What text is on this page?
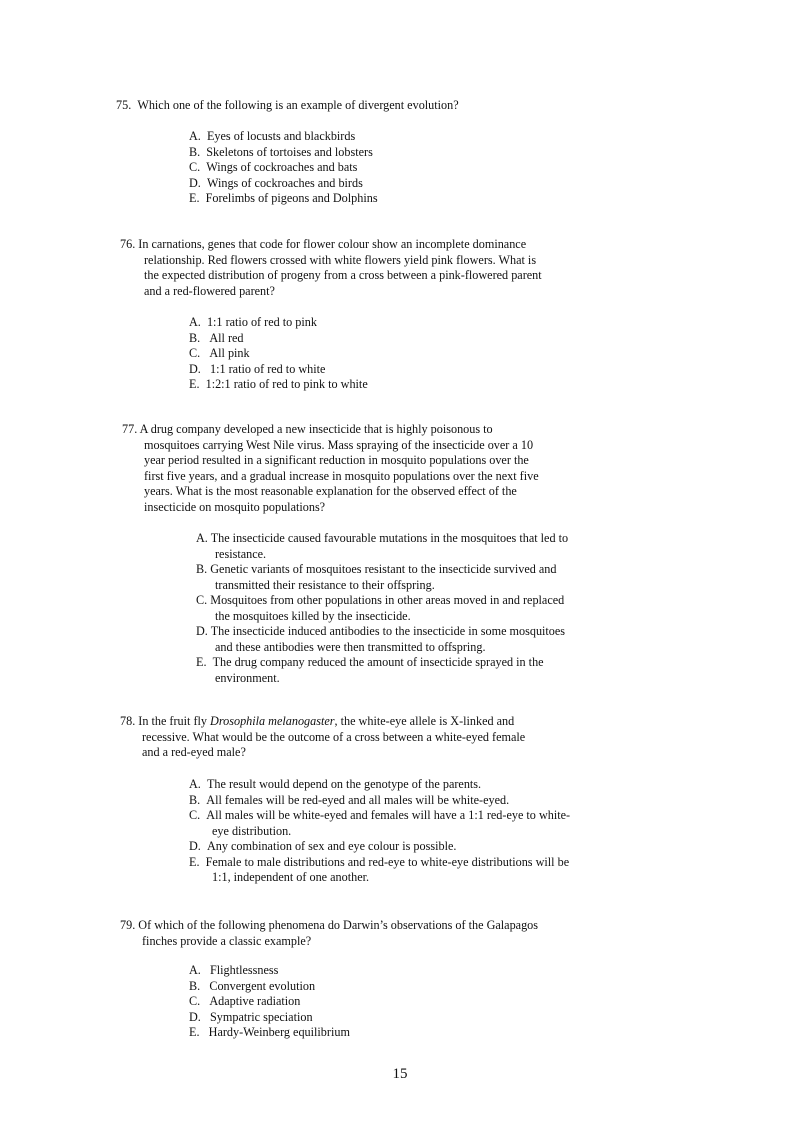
75. Which one of the following is an example of divergent evolution?
A. Eyes of locusts and blackbirds
B. Skeletons of tortoises and lobsters
C. Wings of cockroaches and bats
D. Wings of cockroaches and birds
E. Forelimbs of pigeons and Dolphins
76. In carnations, genes that code for flower colour show an incomplete dominance
relationship. Red flowers crossed with white flowers yield pink flowers. What is
the expected distribution of progeny from a cross between a pink-flowered parent
and a red-flowered parent?
A. 1:1 ratio of red to pink
B. All red
C. All pink
D. 1:1 ratio of red to white
E. 1:2:1 ratio of red to pink to white
77. A drug company developed a new insecticide that is highly poisonous to
mosquitoes carrying West Nile virus. Mass spraying of the insecticide over a 10
year period resulted in a significant reduction in mosquito populations over the
first five years, and a gradual increase in mosquito populations over the next five
years. What is the most reasonable explanation for the observed effect of the
insecticide on mosquito populations?
A. The insecticide caused favourable mutations in the mosquitoes that led to
resistance.
B. Genetic variants of mosquitoes resistant to the insecticide survived and
transmitted their resistance to their offspring.
C. Mosquitoes from other populations in other areas moved in and replaced
the mosquitoes killed by the insecticide.
D. The insecticide induced antibodies to the insecticide in some mosquitoes
and these antibodies were then transmitted to offspring.
E. The drug company reduced the amount of insecticide sprayed in the
environment.
78. In the fruit fly Drosophila melanogaster, the white-eye allele is X-linked and
recessive. What would be the outcome of a cross between a white-eyed female
and a red-eyed male?
A. The result would depend on the genotype of the parents.
B. All females will be red-eyed and all males will be white-eyed.
C. All males will be white-eyed and females will have a 1:1 red-eye to white-
eye distribution.
D. Any combination of sex and eye colour is possible.
E. Female to male distributions and red-eye to white-eye distributions will be
1:1, independent of one another.
79. Of which of the following phenomena do Darwin’s observations of the Galapagos
finches provide a classic example?
A. Flightlessness
B. Convergent evolution
C. Adaptive radiation
D. Sympatric speciation
E. Hardy-Weinberg equilibrium
15
